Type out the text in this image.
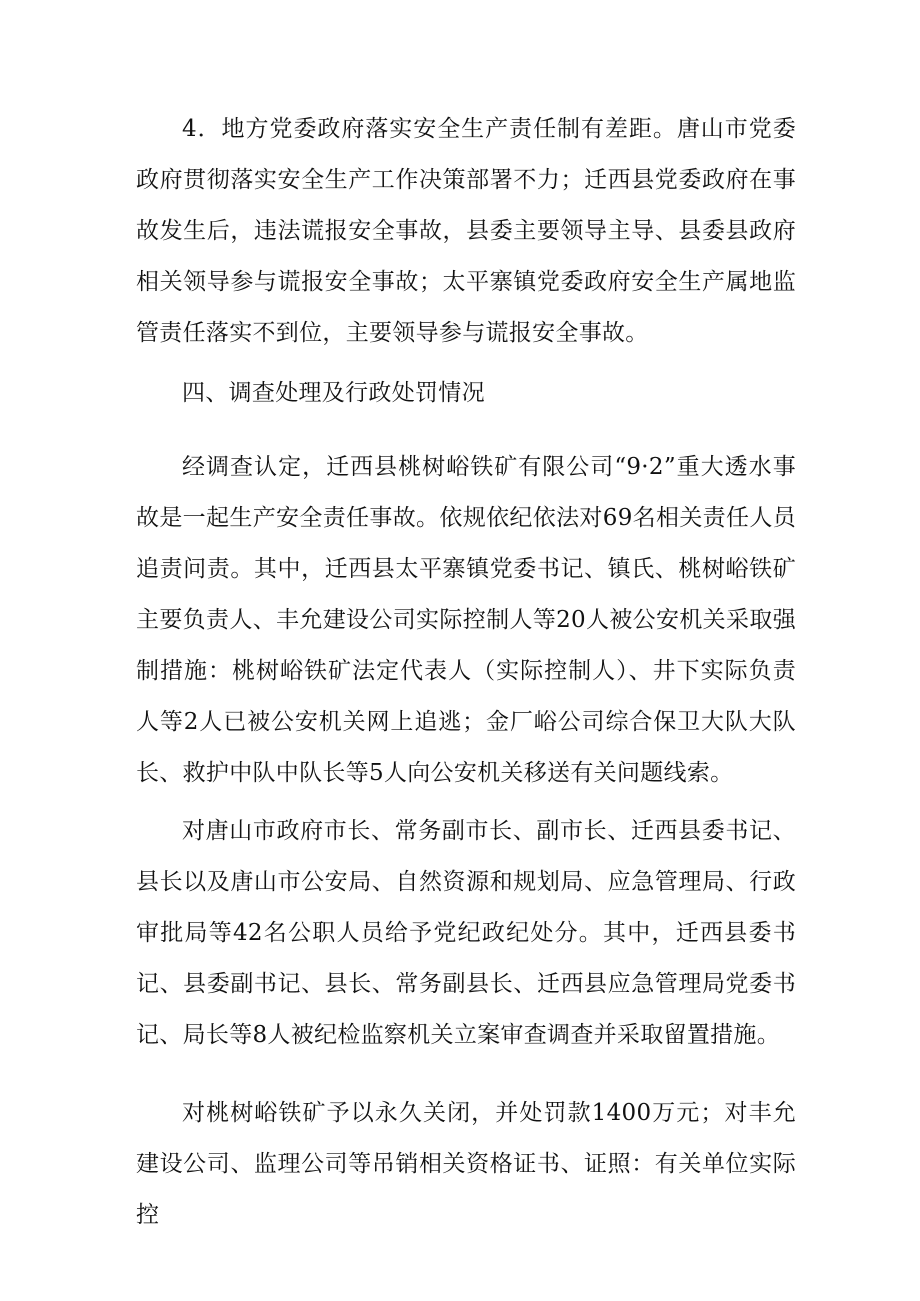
4．地方党委政府落实安全生产责任制有差距。唐山市党委政府贯彻落实安全生产工作决策部署不力；迁西县党委政府在事故发生后，违法谎报安全事故，县委主要领导主导、县委县政府相关领导参与谎报安全事故；太平寨镇党委政府安全生产属地监管责任落实不到位，主要领导参与谎报安全事故。

四、调查处理及行政处罚情况

经调查认定，迁西县桃树峪铁矿有限公司“9·2”重大透水事故是一起生产安全责任事故。依规依纪依法对69名相关责任人员追责问责。其中，迁西县太平寨镇党委书记、镇氏、桃树峪铁矿主要负责人、丰允建设公司实际控制人等20人被公安机关采取强制措施：桃树峪铁矿法定代表人（实际控制人）、井下实际负责人等2人已被公安机关网上追逃；金厂峪公司综合保卫大队大队长、救护中队中队长等5人向公安机关移送有关问题线索。

对唐山市政府市长、常务副市长、副市长、迁西县委书记、县长以及唐山市公安局、自然资源和规划局、应急管理局、行政审批局等42名公职人员给予党纪政纪处分。其中，迁西县委书记、县委副书记、县长、常务副县长、迁西县应急管理局党委书记、局长等8人被纪检监察机关立案审查调查并采取留置措施。

对桃树峪铁矿予以永久关闭，并处罚款1400万元；对丰允建设公司、监理公司等吊销相关资格证书、证照：有关单位实际控
